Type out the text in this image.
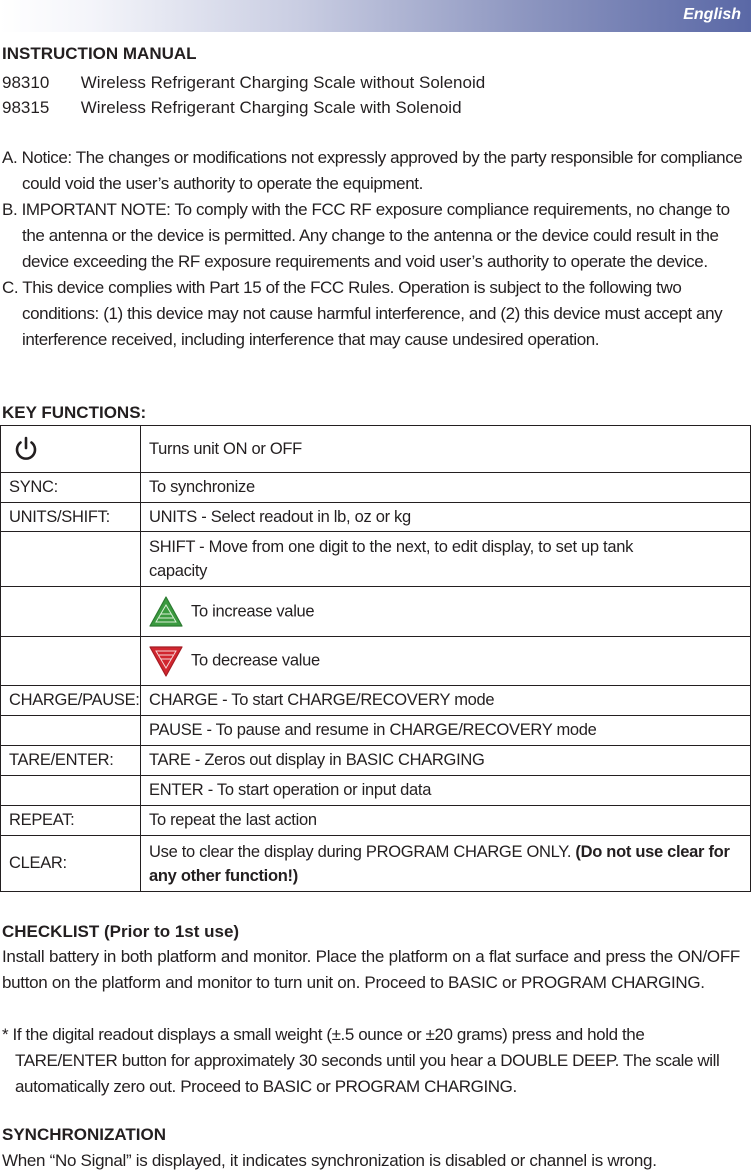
English
INSTRUCTION MANUAL
98310 Wireless Refrigerant Charging Scale without Solenoid
98315 Wireless Refrigerant Charging Scale with Solenoid

A. Notice: The changes or modifications not expressly approved by the party responsible for compliance could void the user’s authority to operate the equipment.

B. IMPORTANT NOTE: To comply with the FCC RF exposure compliance requirements, no change to the antenna or the device is permitted. Any change to the antenna or the device could result in the device exceeding the RF exposure requirements and void user’s authority to operate the device.

C. This device complies with Part 15 of the FCC Rules. Operation is subject to the following two conditions: (1) this device may not cause harmful interference, and (2) this device must accept any interference received, including interference that may cause undesired operation.

KEY FUNCTIONS:
	Turns unit ON or OFF
SYNC:	To synchronize
UNITS/SHIFT:	UNITS - Select readout in lb, oz or kg
	SHIFT - Move from one digit to the next, to edit display, to set up tank capacity
	To increase value
	To decrease value
CHARGE/PAUSE:	CHARGE - To start CHARGE/RECOVERY mode
	PAUSE - To pause and resume in CHARGE/RECOVERY mode
TARE/ENTER:	TARE - Zeros out display in BASIC CHARGING
	ENTER - To start operation or input data
REPEAT:	To repeat the last action
CLEAR:	Use to clear the display during PROGRAM CHARGE ONLY. (Do not use clear for any other function!)
CHECKLIST (Prior to 1st use)
Install battery in both platform and monitor. Place the platform on a flat surface and press the ON/OFF button on the platform and monitor to turn unit on. Proceed to BASIC or PROGRAM CHARGING.

* If the digital readout displays a small weight (±.5 ounce or ±20 grams) press and hold the TARE/ENTER button for approximately 30 seconds until you hear a DOUBLE DEEP. The scale will automatically zero out. Proceed to BASIC or PROGRAM CHARGING.

SYNCHRONIZATION
When “No Signal” is displayed, it indicates synchronization is disabled or channel is wrong.
